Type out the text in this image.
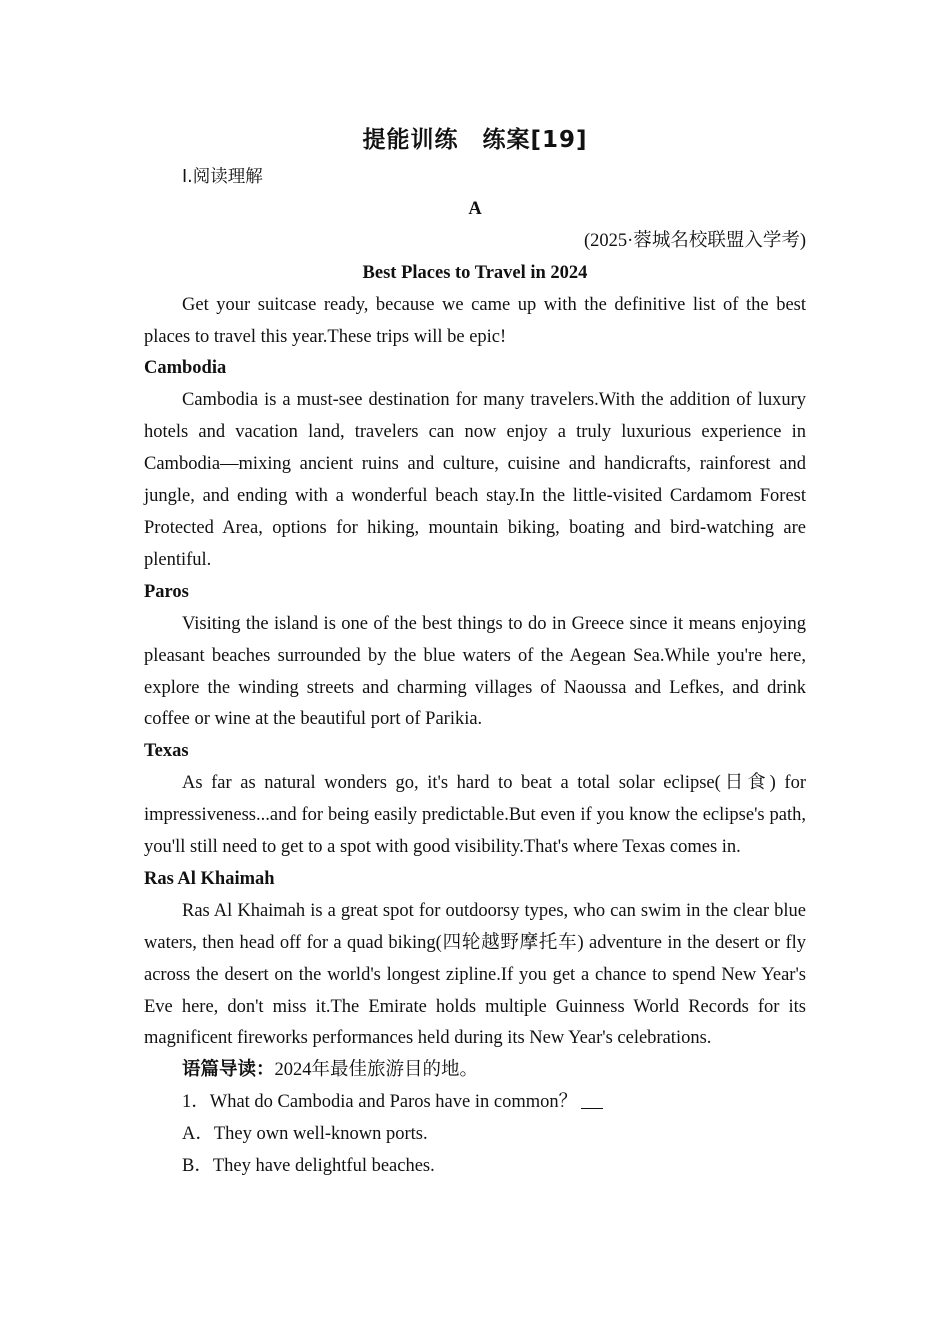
提能训练　练案[19]
Ⅰ.阅读理解
A
(2025·蓉城名校联盟入学考)
Best Places to Travel in 2024

Get your suitcase ready, because we came up with the definitive list of the best places to travel this year.These trips will be epic!

Cambodia

Cambodia is a must-see destination for many travelers.With the addition of luxury hotels and vacation land, travelers can now enjoy a truly luxurious experience in Cambodia—mixing ancient ruins and culture, cuisine and handicrafts, rainforest and jungle, and ending with a wonderful beach stay.In the little-visited Cardamom Forest Protected Area, options for hiking, mountain biking, boating and bird-watching are plentiful.

Paros

Visiting the island is one of the best things to do in Greece since it means enjoying pleasant beaches surrounded by the blue waters of the Aegean Sea.While you're here, explore the winding streets and charming villages of Naoussa and Lefkes, and drink coffee or wine at the beautiful port of Parikia.

Texas

As far as natural wonders go, it's hard to beat a total solar eclipse(日食) for impressiveness...and for being easily predictable.But even if you know the eclipse's path, you'll still need to get to a spot with good visibility.That's where Texas comes in.

Ras Al Khaimah

Ras Al Khaimah is a great spot for outdoorsy types, who can swim in the clear blue waters, then head off for a quad biking(四轮越野摩托车) adventure in the desert or fly across the desert on the world's longest zipline.If you get a chance to spend New Year's Eve here, don't miss it.The Emirate holds multiple Guinness World Records for its magnificent fireworks performances held during its New Year's celebrations.

语篇导读：2024年最佳旅游目的地。
1．What do Cambodia and Paros have in common？
A．They own well-known ports.
B．They have delightful beaches.
